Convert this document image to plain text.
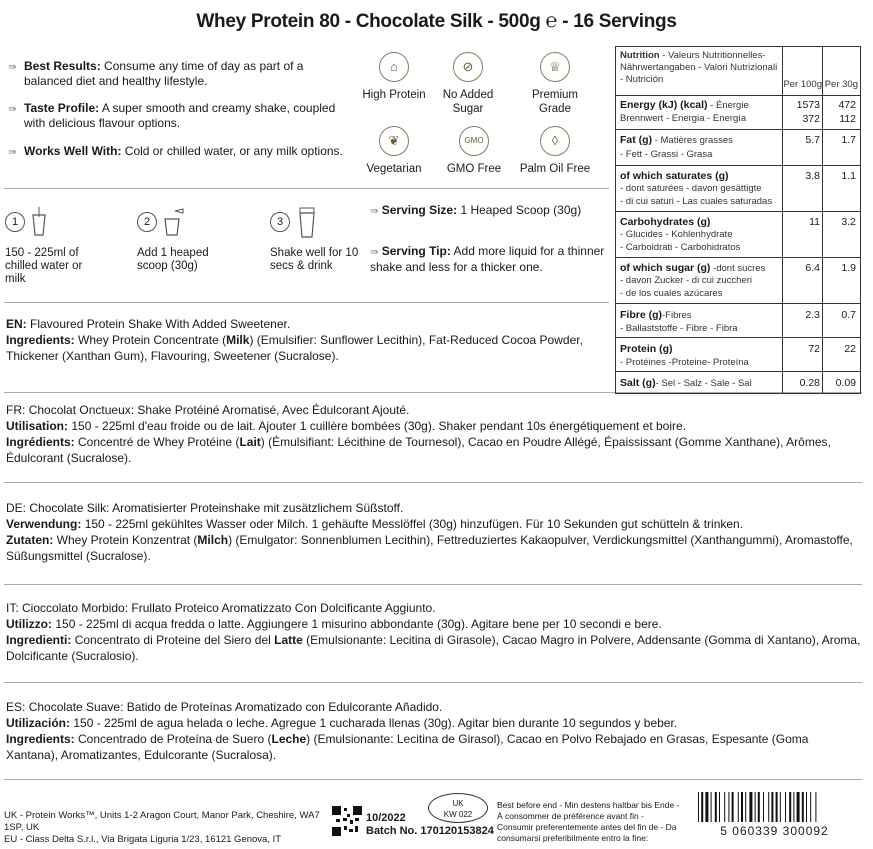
Whey Protein 80 - Chocolate Silk - 500g ℮ - 16 Servings
⇛ Best Results: Consume any time of day as part of a balanced diet and healthy lifestyle.
⇛ Taste Profile: A super smooth and creamy shake, coupled with delicious flavour options.
⇛ Works Well With: Cold or chilled water, or any milk options.
⌂
High Protein
⊘
No Added Sugar
♕
Premium Grade
❦
Vegetarian
GMO
GMO Free
◊
Palm Oil Free
1
150 - 225ml of chilled water or milk
2
Add 1 heaped scoop (30g)
3
Shake well for 10 secs & drink
⇛ Serving Size: 1 Heaped Scoop (30g)
⇛ Serving Tip: Add more liquid for a thinner shake and less for a thicker one.
EN: Flavoured Protein Shake With Added Sweetener.
Ingredients: Whey Protein Concentrate (Milk) (Emulsifier: Sunflower Lecithin), Fat-Reduced Cocoa Powder, Thickener (Xanthan Gum), Flavouring, Sweetener (Sucralose).
FR: Chocolat Onctueux: Shake Protéiné Aromatisé, Avec Édulcorant Ajouté.
Utilisation: 150 - 225ml d'eau froide ou de lait. Ajouter 1 cuillère bombées (30g). Shaker pendant 10s énergétiquement et boire.
Ingrédients: Concentré de Whey Protéine (Lait) (Émulsifiant: Lécithine de Tournesol), Cacao en Poudre Allégé, Épaississant (Gomme Xanthane), Arômes, Édulcorant (Sucralose).
DE: Chocolate Silk: Aromatisierter Proteinshake mit zusätzlichem Süßstoff.
Verwendung: 150 - 225ml gekühltes Wasser oder Milch. 1 gehäufte Messlöffel (30g) hinzufügen. Für 10 Sekunden gut schütteln & trinken.
Zutaten: Whey Protein Konzentrat (Milch) (Emulgator: Sonnenblumen Lecithin), Fettreduziertes Kakaopulver, Verdickungsmittel (Xanthangummi), Aromastoffe, Süßungsmittel (Sucralose).
IT: Cioccolato Morbido: Frullato Proteico Aromatizzato Con Dolcificante Aggiunto.
Utilizzo: 150 - 225ml di acqua fredda o latte. Aggiungere 1 misurino abbondante (30g). Agitare bene per 10 secondi e bere.
Ingredienti: Concentrato di Proteine del Siero del Latte (Emulsionante: Lecitina di Girasole), Cacao Magro in Polvere, Addensante (Gomma di Xantano), Aroma, Dolcificante (Sucralosio).
ES: Chocolate Suave: Batido de Proteínas Aromatizado con Edulcorante Añadido.
Utilización: 150 - 225ml de agua helada o leche. Agregue 1 cucharada llenas (30g). Agitar bien durante 10 segundos y beber.
Ingredients: Concentrado de Proteína de Suero (Leche) (Emulsionante: Lecitina de Girasol), Cacao en Polvo Rebajado en Grasas, Espesante (Goma Xantana), Aromatizantes, Edulcorante (Sucralosa).
Nutrition - Valeurs Nutritionnelles- Nährwertangaben - Valori Nutrizionali - Nutrición	Per 100g Per 30g
Energy (kJ) (kcal) - Énergie
Brennwert - Energia - Energía
1573	472
372	112
Fat (g) - Matières grasses
- Fett - Grassi - Grasa
5.7	1.7
of which saturates (g)
- dont saturées - davon gesättigte
- di cui saturi - Las cuales saturadas
3.8	1.1
Carbohydrates (g)
- Glucides - Kohlenhydrate
- Carboidrati - Carbohidratos
11	3.2
of which sugar (g) -dont sucres
- davon Zucker - di cui zuccheri
- de los cuales azúcares
6.4	1.9
Fibre (g)-Fibres
- Ballaststoffe - Fibre - Fibra
2.3	0.7
Protein (g)
- Protéines -Proteine- Proteína
72	22
Salt (g)- Sel - Salz - Sale - Sal	0.28	0.09
UK - Protein Works™, Units 1-2 Aragon Court, Manor Park, Cheshire, WA7 1SP, UK
EU - Class Delta S.r.l., Via Brigata Liguria 1/23, 16121 Genova, IT
10/2022
Batch No. 17012015382‌4
UK
KW 022
Best before end - Min destens haltbar bis Ende - À consommer de préférence avant fin - Consumir preferentemente antes del fin de - Da consumarsi preferibilmente entro la fine:	5 060339 300092
